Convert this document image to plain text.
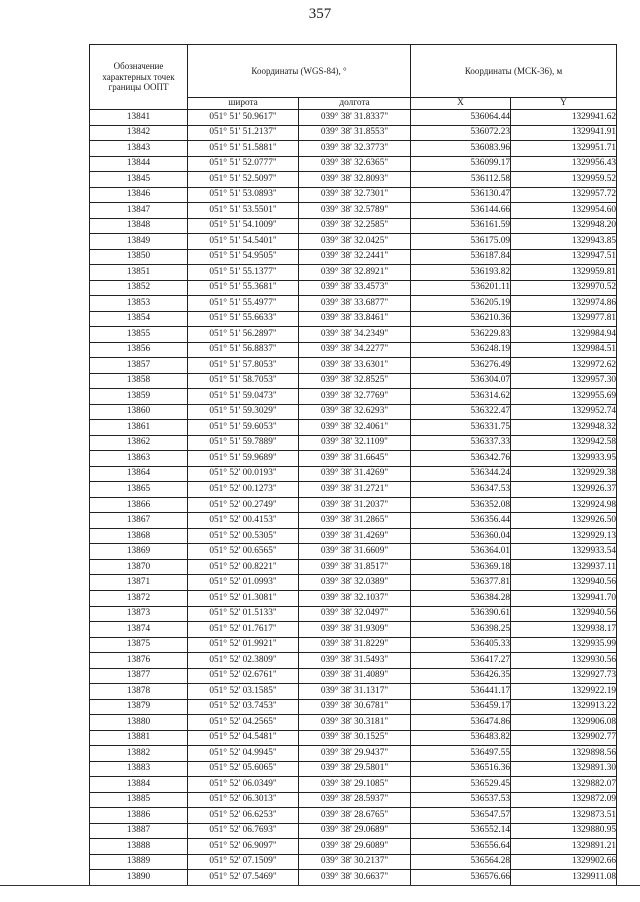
357
Обозначение характерных точек границы ООПТ	Координаты (WGS-84), °		Координаты (МСК-36), м	
	широта	долгота	X	Y
13841	051° 51' 50.9617"	039° 38' 31.8337"	536064.44	1329941.62
13842	051° 51' 51.2137"	039° 38' 31.8553"	536072.23	1329941.91
13843	051° 51' 51.5881"	039° 38' 32.3773"	536083.96	1329951.71
13844	051° 51' 52.0777"	039° 38' 32.6365"	536099.17	1329956.43
13845	051° 51' 52.5097"	039° 38' 32.8093"	536112.58	1329959.52
13846	051° 51' 53.0893"	039° 38' 32.7301"	536130.47	1329957.72
13847	051° 51' 53.5501"	039° 38' 32.5789"	536144.66	1329954.60
13848	051° 51' 54.1009"	039° 38' 32.2585"	536161.59	1329948.20
13849	051° 51' 54.5401"	039° 38' 32.0425"	536175.09	1329943.85
13850	051° 51' 54.9505"	039° 38' 32.2441"	536187.84	1329947.51
13851	051° 51' 55.1377"	039° 38' 32.8921"	536193.82	1329959.81
13852	051° 51' 55.3681"	039° 38' 33.4573"	536201.11	1329970.52
13853	051° 51' 55.4977"	039° 38' 33.6877"	536205.19	1329974.86
13854	051° 51' 55.6633"	039° 38' 33.8461"	536210.36	1329977.81
13855	051° 51' 56.2897"	039° 38' 34.2349"	536229.83	1329984.94
13856	051° 51' 56.8837"	039° 38' 34.2277"	536248.19	1329984.51
13857	051° 51' 57.8053"	039° 38' 33.6301"	536276.49	1329972.62
13858	051° 51' 58.7053"	039° 38' 32.8525"	536304.07	1329957.30
13859	051° 51' 59.0473"	039° 38' 32.7769"	536314.62	1329955.69
13860	051° 51' 59.3029"	039° 38' 32.6293"	536322.47	1329952.74
13861	051° 51' 59.6053"	039° 38' 32.4061"	536331.75	1329948.32
13862	051° 51' 59.7889"	039° 38' 32.1109"	536337.33	1329942.58
13863	051° 51' 59.9689"	039° 38' 31.6645"	536342.76	1329933.95
13864	051° 52' 00.0193"	039° 38' 31.4269"	536344.24	1329929.38
13865	051° 52' 00.1273"	039° 38' 31.2721"	536347.53	1329926.37
13866	051° 52' 00.2749"	039° 38' 31.2037"	536352.08	1329924.98
13867	051° 52' 00.4153"	039° 38' 31.2865"	536356.44	1329926.50
13868	051° 52' 00.5305"	039° 38' 31.4269"	536360.04	1329929.13
13869	051° 52' 00.6565"	039° 38' 31.6609"	536364.01	1329933.54
13870	051° 52' 00.8221"	039° 38' 31.8517"	536369.18	1329937.11
13871	051° 52' 01.0993"	039° 38' 32.0389"	536377.81	1329940.56
13872	051° 52' 01.3081"	039° 38' 32.1037"	536384.28	1329941.70
13873	051° 52' 01.5133"	039° 38' 32.0497"	536390.61	1329940.56
13874	051° 52' 01.7617"	039° 38' 31.9309"	536398.25	1329938.17
13875	051° 52' 01.9921"	039° 38' 31.8229"	536405.33	1329935.99
13876	051° 52' 02.3809"	039° 38' 31.5493"	536417.27	1329930.56
13877	051° 52' 02.6761"	039° 38' 31.4089"	536426.35	1329927.73
13878	051° 52' 03.1585"	039° 38' 31.1317"	536441.17	1329922.19
13879	051° 52' 03.7453"	039° 38' 30.6781"	536459.17	1329913.22
13880	051° 52' 04.2565"	039° 38' 30.3181"	536474.86	1329906.08
13881	051° 52' 04.5481"	039° 38' 30.1525"	536483.82	1329902.77
13882	051° 52' 04.9945"	039° 38' 29.9437"	536497.55	1329898.56
13883	051° 52' 05.6065"	039° 38' 29.5801"	536516.36	1329891.30
13884	051° 52' 06.0349"	039° 38' 29.1085"	536529.45	1329882.07
13885	051° 52' 06.3013"	039° 38' 28.5937"	536537.53	1329872.09
13886	051° 52' 06.6253"	039° 38' 28.6765"	536547.57	1329873.51
13887	051° 52' 06.7693"	039° 38' 29.0689"	536552.14	1329880.95
13888	051° 52' 06.9097"	039° 38' 29.6089"	536556.64	1329891.21
13889	051° 52' 07.1509"	039° 38' 30.2137"	536564.28	1329902.66
13890	051° 52' 07.5469"	039° 38' 30.6637"	536576.66	1329911.08
